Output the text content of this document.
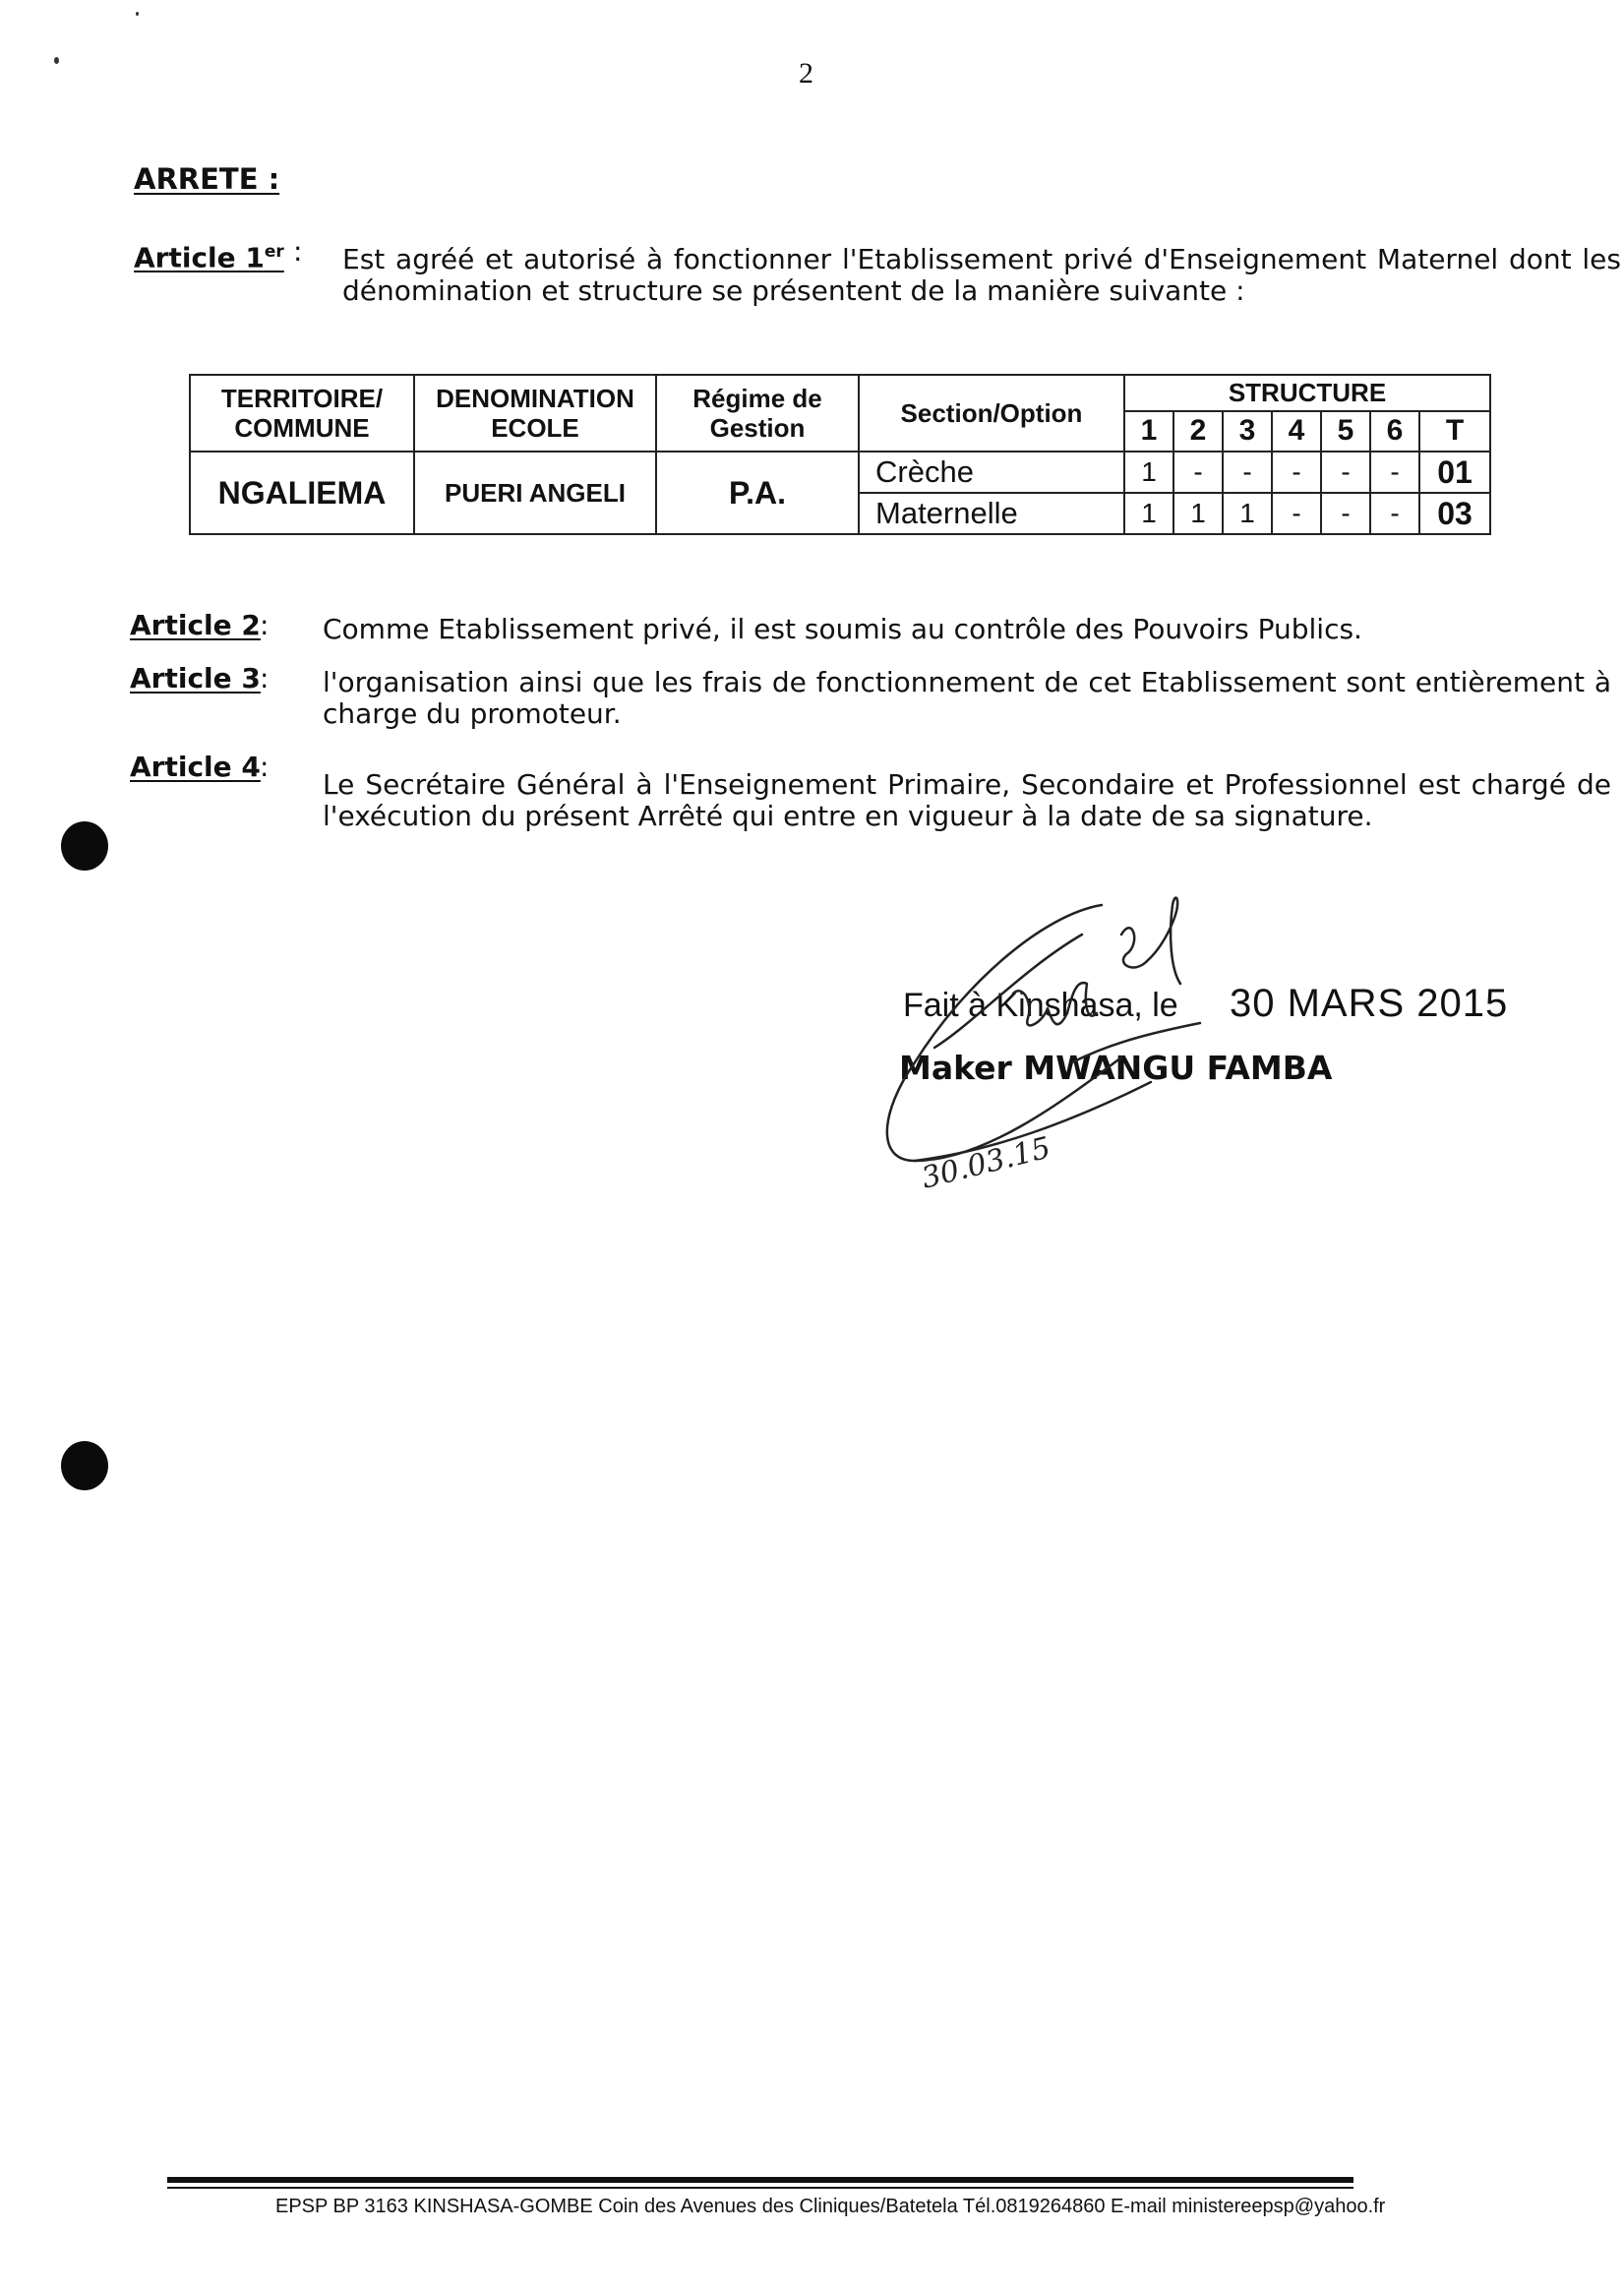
2
ARRETE :
Article 1er : Est agréé et autorisé à fonctionner l'Etablissement privé d'Enseignement Maternel dont les dénomination et structure se présentent de la manière suivante :
TERRITOIRE/ COMMUNE	DENOMINATION ECOLE	Régime de Gestion	Section/Option	STRUCTURE						
				1	2	3	4	5	6	T
NGALIEMA	PUERI ANGELI	P.A.	Crèche	1	-	-	-	-	-	01
			Maternelle	1	1	1	-	-	-	03
Article 2 : Comme Etablissement privé, il est soumis au contrôle des Pouvoirs Publics.
Article 3 : l'organisation ainsi que les frais de fonctionnement de cet Etablissement sont entièrement à charge du promoteur.
Article 4 :
Le Secrétaire Général à l'Enseignement Primaire, Secondaire et Professionnel est chargé de l'exécution du présent Arrêté qui entre en vigueur à la date de sa signature.
Fait à Kinshasa, le 30 MARS 2015
Maker MWANGU FAMBA
30.03.15
EPSP BP 3163 KINSHASA-GOMBE Coin des Avenues des Cliniques/Batetela Tél.0819264860 E-mail ministereepsp@yahoo.fr
